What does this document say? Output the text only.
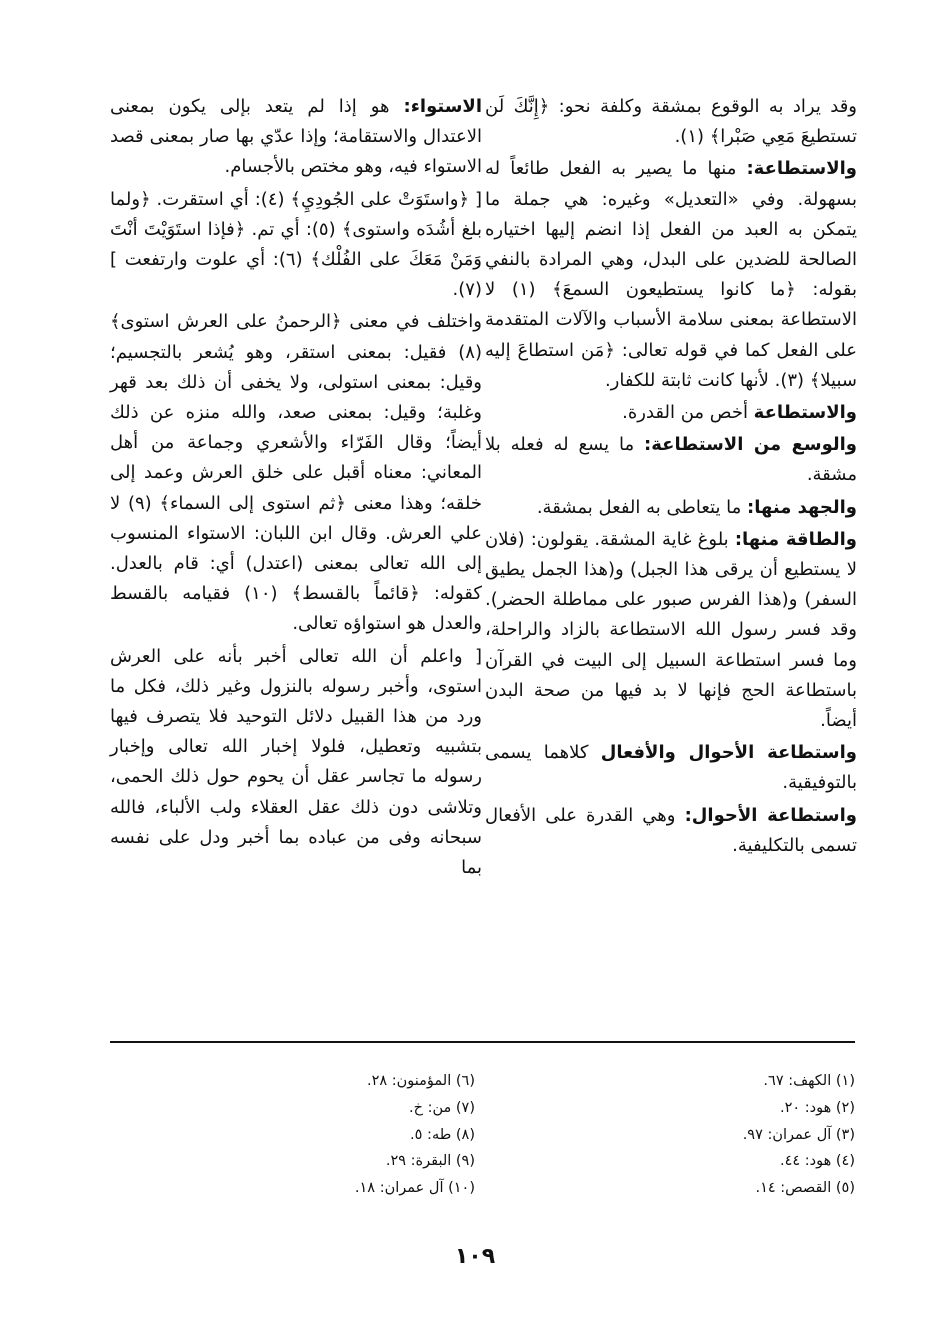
وقد يراد به الوقوع بمشقة وكلفة نحو: ﴿إِنَّكَ لَن تستطيعَ مَعِي صَبْرا﴾ (١).

والاستطاعة: منها ما يصير به الفعل طائعاً له بسهولة. وفي «التعديل» وغيره: هي جملة ما يتمكن به العبد من الفعل إذا انضم إليها اختياره الصالحة للضدين على البدل، وهي المرادة بالنفي بقوله: ﴿ما كانوا يستطيعون السمعَ﴾ (١) لا الاستطاعة بمعنى سلامة الأسباب والآلات المتقدمة على الفعل كما في قوله تعالى: ﴿مَن استطاعَ إليه سبيلا﴾ (٣). لأنها كانت ثابتة للكفار.

والاستطاعة أخص من القدرة.

والوسع من الاستطاعة: ما يسع له فعله بلا مشقة.

والجهد منها: ما يتعاطى به الفعل بمشقة.

والطاقة منها: بلوغ غاية المشقة. يقولون: (فلان لا يستطيع أن يرقى هذا الجبل) و(هذا الجمل يطيق السفر) و(هذا الفرس صبور على مماطلة الحضر). وقد فسر رسول الله الاستطاعة بالزاد والراحلة، وما فسر استطاعة السبيل إلى البيت في القرآن باستطاعة الحج فإنها لا بد فيها من صحة البدن أيضاً.

واستطاعة الأحوال والأفعال كلاهما يسمى بالتوفيقية.

واستطاعة الأحوال: وهي القدرة على الأفعال تسمى بالتكليفية.

الاستواء: هو إذا لم يتعد بإلى يكون بمعنى الاعتدال والاستقامة؛ وإذا عدّي بها صار بمعنى قصد الاستواء فيه، وهو مختص بالأجسام.

[ ﴿واستَوَتْ على الجُودِيِ﴾ (٤): أي استقرت. ﴿ولما بلغ أشُدَه واستوى﴾ (٥): أي تم. ﴿فإذا استَوَيْتَ أنْتَ وَمَنْ مَعَكَ على الفُلْك﴾ (٦): أي علوت وارتفعت ] (٧).

واختلف في معنى ﴿الرحمنُ على العرش استوى﴾ (٨) فقيل: بمعنى استقر، وهو يُشعر بالتجسيم؛ وقيل: بمعنى استولى، ولا يخفى أن ذلك بعد قهر وغلبة؛ وقيل: بمعنى صعد، والله منزه عن ذلك أيضاً؛ وقال الفَرّاء والأشعري وجماعة من أهل المعاني: معناه أقبل على خلق العرش وعمد إلى خلقه؛ وهذا معنى ﴿ثم استوى إلى السماء﴾ (٩) لا علي العرش. وقال ابن اللبان: الاستواء المنسوب إلى الله تعالى بمعنى (اعتدل) أي: قام بالعدل. كقوله: ﴿قائماً بالقسط﴾ (١٠) فقيامه بالقسط والعدل هو استواؤه تعالى.

[ واعلم أن الله تعالى أخبر بأنه على العرش استوى، وأخبر رسوله بالنزول وغير ذلك، فكل ما ورد من هذا القبيل دلائل التوحيد فلا يتصرف فيها بتشبيه وتعطيل، فلولا إخبار الله تعالى وإخبار رسوله ما تجاسر عقل أن يحوم حول ذلك الحمى، وتلاشى دون ذلك عقل العقلاء ولب الألباء، فالله سبحانه وفى من عباده بما أخبر ودل على نفسه بما

(١) الكهف: ٦٧.
(٢) هود: ٢٠.
(٣) آل عمران: ٩٧.
(٤) هود: ٤٤.
(٥) القصص: ١٤.
(٦) المؤمنون: ٢٨.
(٧) من: خ.
(٨) طه: ٥.
(٩) البقرة: ٢٩.
(١٠) آل عمران: ١٨.
١٠٩
